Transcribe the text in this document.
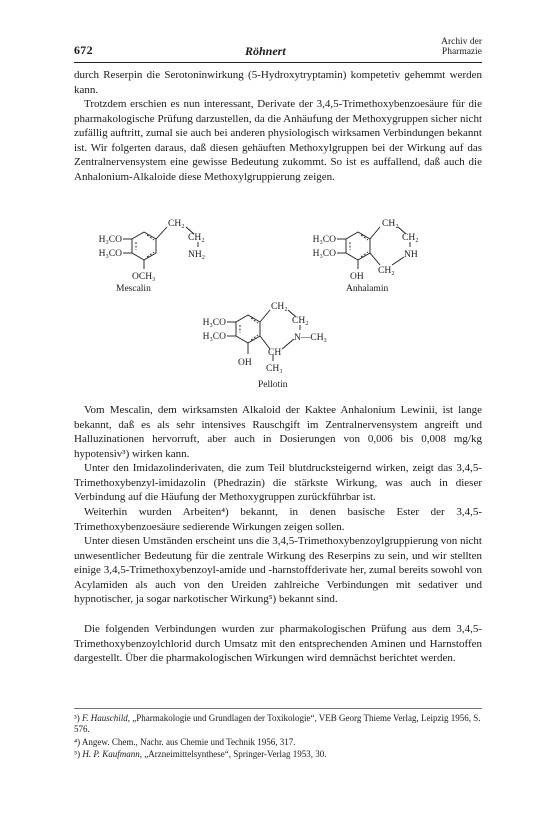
672	Röhnert
Archiv der
Pharmazie
durch Reserpin die Serotoninwirkung (5-Hydroxytryptamin) kompetetiv gehemmt werden kann.
Trotzdem erschien es nun interessant, Derivate der 3,4,5-Trimethoxybenzoesäure für die pharmakologische Prüfung darzustellen, da die Anhäufung der Methoxygruppen sicher nicht zufällig auftritt, zumal sie auch bei anderen physiologisch wirksamen Verbindungen bekannt ist. Wir folgerten daraus, daß diesen gehäuften Methoxylgruppen bei der Wirkung auf das Zentralnervensystem eine gewisse Bedeutung zukommt. So ist es auffallend, daß auch die Anhalonium-Alkaloide diese Methoxylgruppierung zeigen.
CH₂
CH₂
NH₂
H₃CO
H₃CO
OCH₃
Mescalin
CH₂
CH₂
NH
CH₂
H₃CO
H₃CO
OH
Anhalamin
CH₂
CH₂
N—CH₃
CH
CH₃
H₃CO
H₃CO
OH
Pellotin
Vom Mescalin, dem wirksamsten Alkaloid der Kaktee Anhalonium Lewinii, ist lange bekannt, daß es als sehr intensives Rauschgift im Zentralnervensystem angreift und Halluzinationen hervorruft, aber auch in Dosierungen von 0,006 bis 0,008 mg/kg hypotensiv³) wirken kann.
Unter den Imidazolinderivaten, die zum Teil blutdrucksteigernd wirken, zeigt das 3,4,5-Trimethoxybenzyl-imidazolin (Phedrazin) die stärkste Wirkung, was auch in dieser Verbindung auf die Häufung der Methoxygruppen zurückführbar ist.
Weiterhin wurden Arbeiten⁴) bekannt, in denen basische Ester der 3,4,5-Trimethoxybenzoesäure sedierende Wirkungen zeigen sollen.
Unter diesen Umständen erscheint uns die 3,4,5-Trimethoxybenzoylgruppierung von nicht unwesentlicher Bedeutung für die zentrale Wirkung des Reserpins zu sein, und wir stellten einige 3,4,5-Trimethoxybenzoyl-amide und -harnstoffderivate her, zumal bereits sowohl von Acylamiden als auch von den Ureiden zahlreiche Verbindungen mit sedativer und hypnotischer, ja sogar narkotischer Wirkung⁵) bekannt sind.
Die folgenden Verbindungen wurden zur pharmakologischen Prüfung aus dem 3,4,5-Trimethoxybenzoylchlorid durch Umsatz mit den entsprechenden Aminen und Harnstoffen dargestellt. Über die pharmakologischen Wirkungen wird demnächst berichtet werden.
³) F. Hauschild, „Pharmakologie und Grundlagen der Toxikologie“, VEB Georg Thieme Verlag, Leipzig 1956, S. 576.
⁴) Angew. Chem., Nachr. aus Chemie und Technik 1956, 317.
⁵) H. P. Kaufmann, „Arzneimittelsynthese“, Springer-Verlag 1953, 30.
